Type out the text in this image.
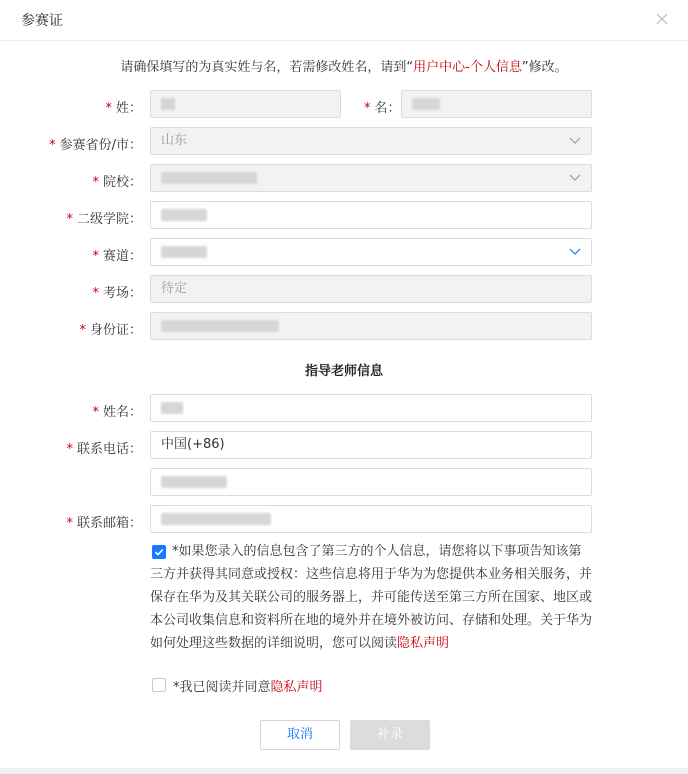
参赛证
请确保填写的为真实姓与名，若需修改姓名，请到“用户中心-个人信息”修改。
* 姓：	* 名：
* 参赛省份/市：	山东
* 院校：
* 二级学院：
* 赛道：
* 考场：	待定
* 身份证：
指导老师信息
* 姓名：
* 联系电话：	中国(+86)
* 联系邮箱：
*如果您录入的信息包含了第三方的个人信息，请您将以下事项告知该第三方并获得其同意或授权：这些信息将用于华为为您提供本业务相关服务，并保存在华为及其关联公司的服务器上，并可能传送至第三方所在国家、地区或本公司收集信息和资料所在地的境外并在境外被访问、存储和处理。关于华为如何处理这些数据的详细说明，您可以阅读隐私声明
*我已阅读并同意隐私声明
取消	补录
